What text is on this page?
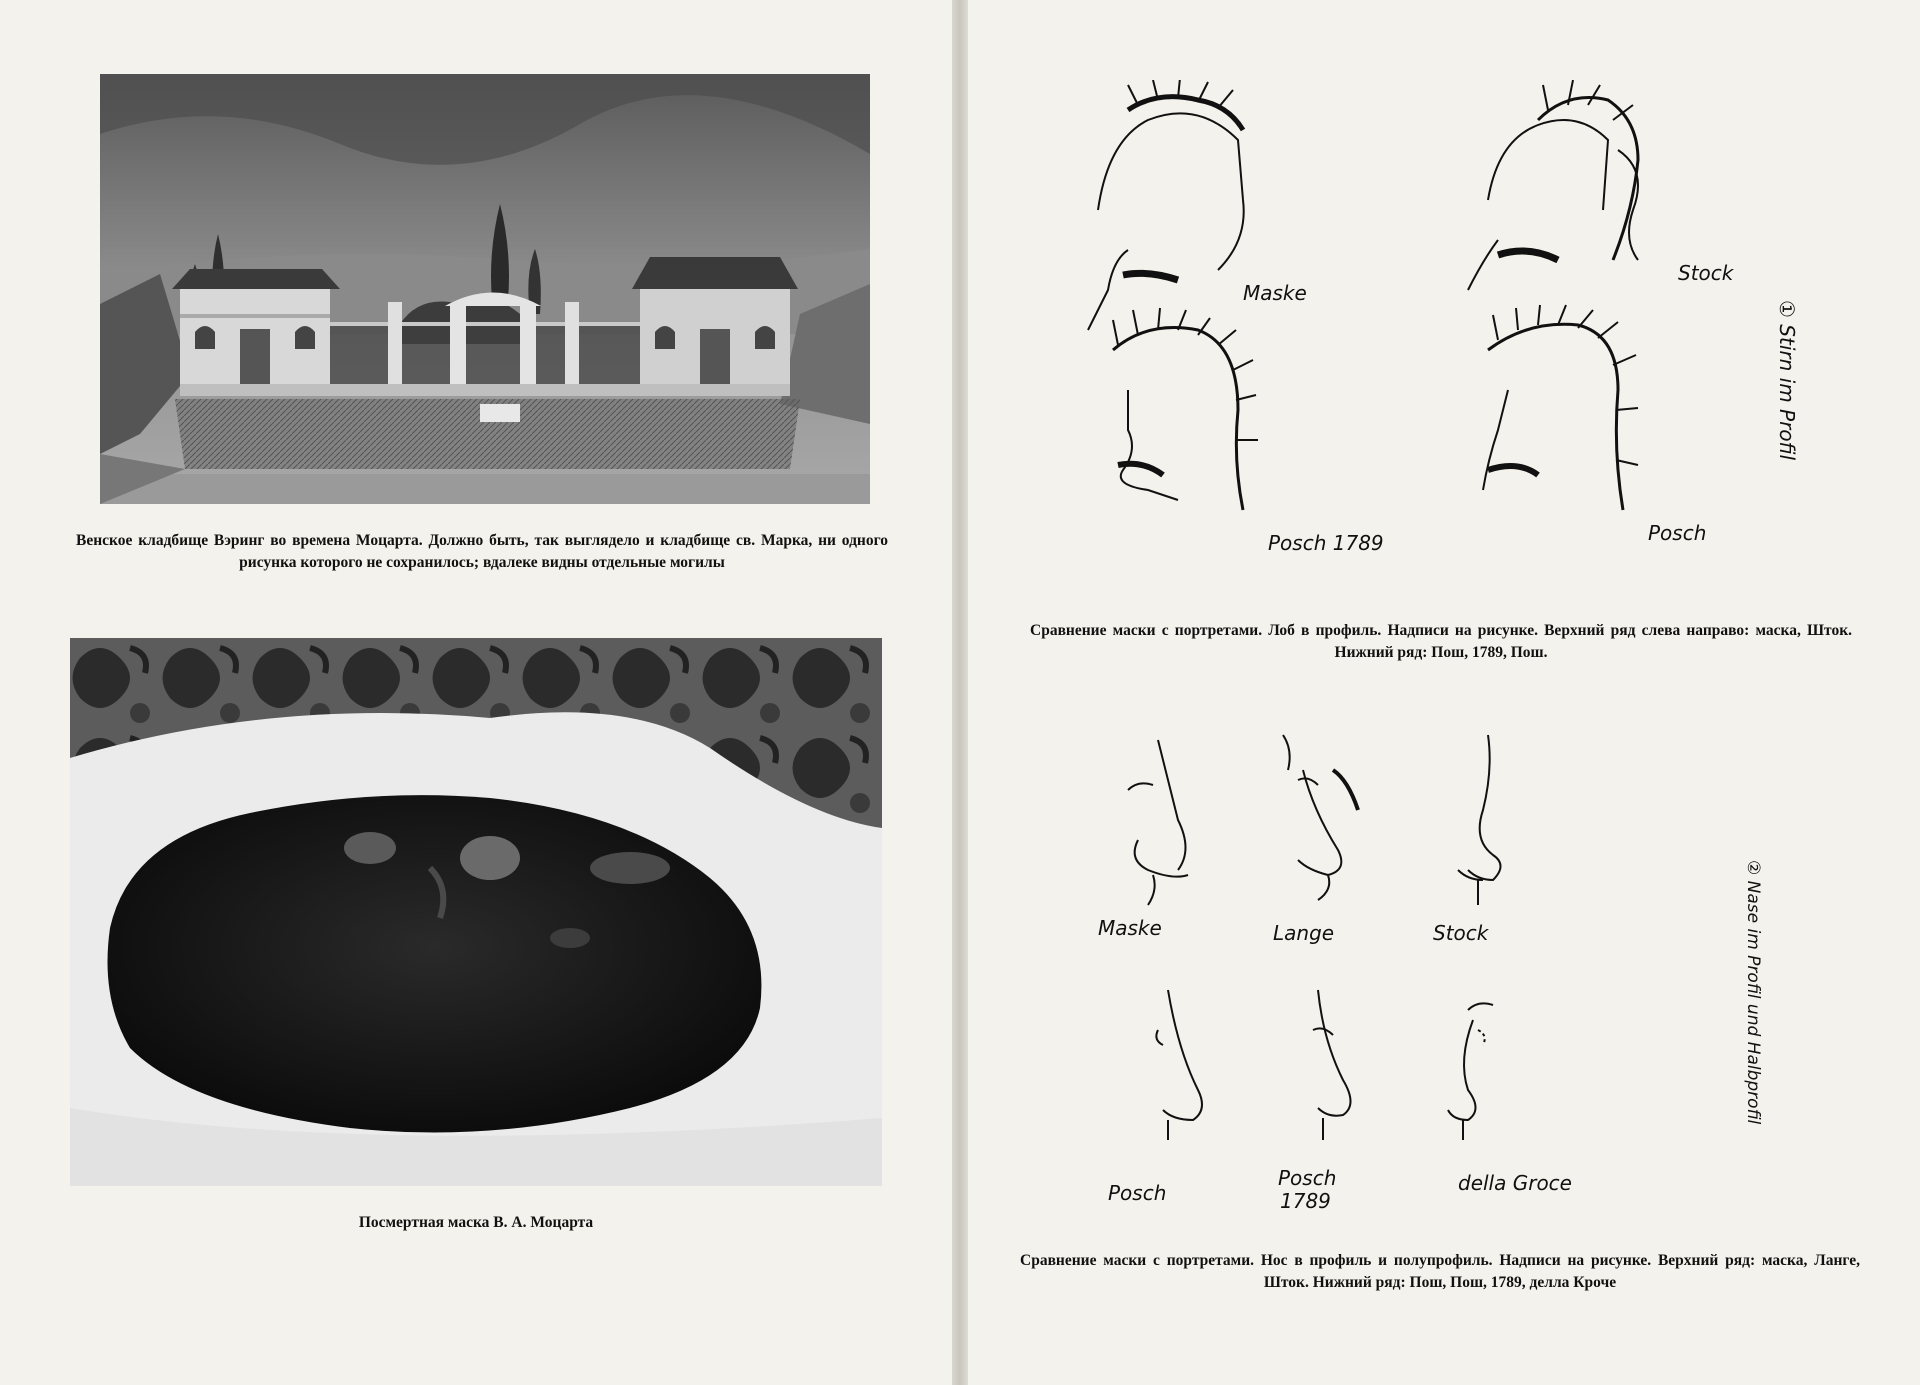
Венское кладбище Вэринг во времена Моцарта. Должно быть, так выглядело и кладбище св. Марка, ни одного рисунка которого не сохранилось; вдалеке видны отдельные могилы
Посмертная маска В. А. Моцарта
Maske
Stock
Posch 1789	Posch
① Stirn im Profil
Сравнение маски с портретами. Лоб в профиль. Надписи на рисунке. Верхний ряд слева направо: маска, Шток. Нижний ряд: Пош, 1789, Пош.
Maske	Lange	Stock
Posch
Posch
1789
della Groce
② Nase im Profil und Halbprofil
Сравнение маски с портретами. Нос в профиль и полупрофиль. Надписи на рисунке. Верхний ряд: маска, Ланге, Шток. Нижний ряд: Пош, Пош, 1789, делла Кроче
